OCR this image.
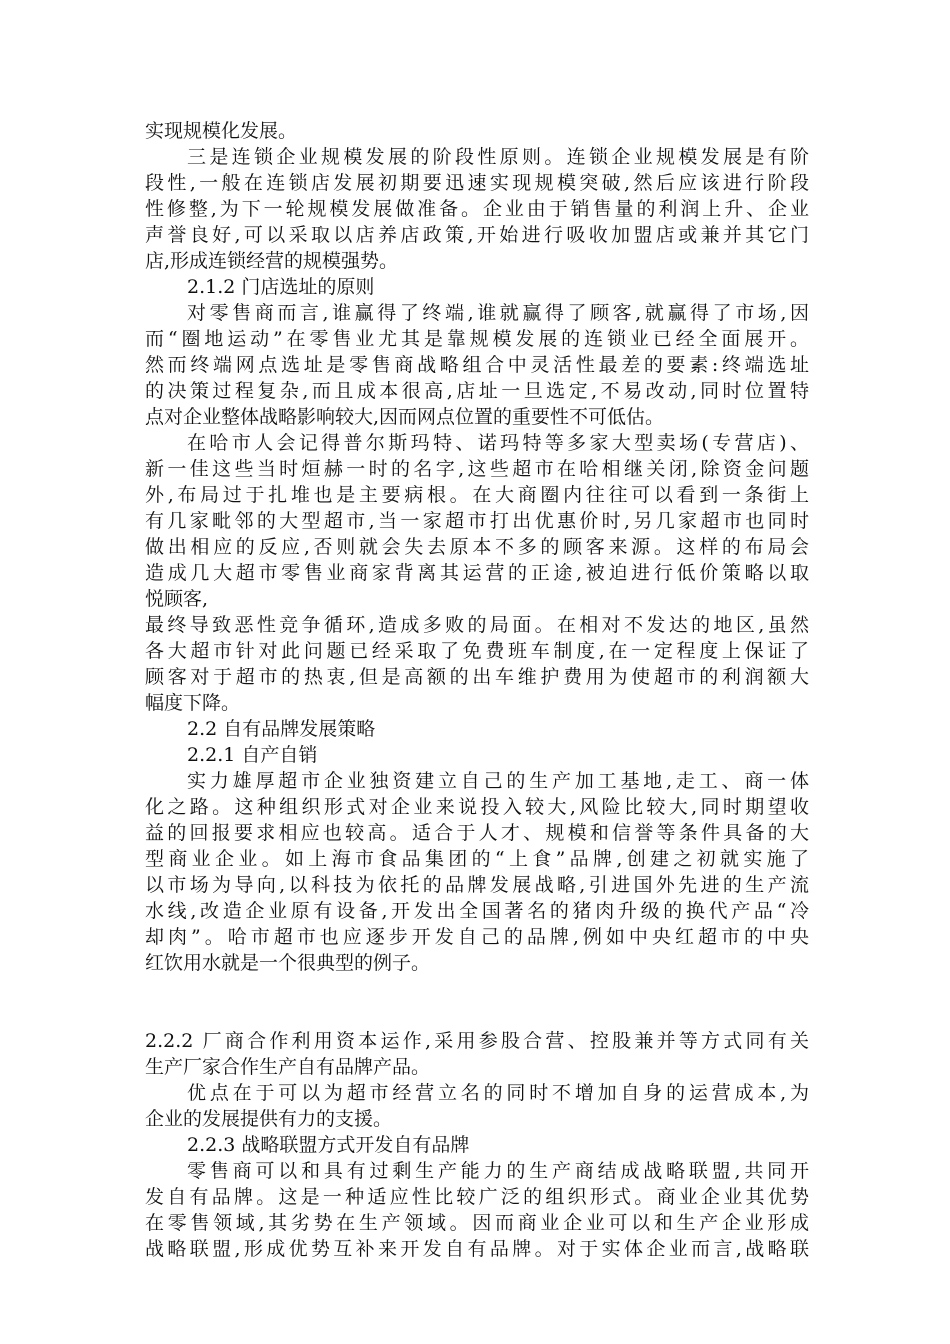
实现规模化发展。
三是连锁企业规模发展的阶段性原则。连锁企业规模发展是有阶
段性,一般在连锁店发展初期要迅速实现规模突破,然后应该进行阶段
性修整,为下一轮规模发展做准备。企业由于销售量的利润上升、企业
声誉良好,可以采取以店养店政策,开始进行吸收加盟店或兼并其它门
店,形成连锁经营的规模强势。
2.1.2 门店选址的原则
对零售商而言,谁赢得了终端,谁就赢得了顾客,就赢得了市场,因
而“圈地运动”在零售业尤其是靠规模发展的连锁业已经全面展开。
然而终端网点选址是零售商战略组合中灵活性最差的要素:终端选址
的决策过程复杂,而且成本很高,店址一旦选定,不易改动,同时位置特
点对企业整体战略影响较大,因而网点位置的重要性不可低估。
在哈市人会记得普尔斯玛特、诺玛特等多家大型卖场(专营店)、
新一佳这些当时烜赫一时的名字,这些超市在哈相继关闭,除资金问题
外,布局过于扎堆也是主要病根。在大商圈内往往可以看到一条街上
有几家毗邻的大型超市,当一家超市打出优惠价时,另几家超市也同时
做出相应的反应,否则就会失去原本不多的顾客来源。这样的布局会
造成几大超市零售业商家背离其运营的正途,被迫进行低价策略以取
悦顾客,
最终导致恶性竞争循环,造成多败的局面。在相对不发达的地区,虽然
各大超市针对此问题已经采取了免费班车制度,在一定程度上保证了
顾客对于超市的热衷,但是高额的出车维护费用为使超市的利润额大
幅度下降。
2.2 自有品牌发展策略
2.2.1 自产自销
实力雄厚超市企业独资建立自己的生产加工基地,走工、商一体
化之路。这种组织形式对企业来说投入较大,风险比较大,同时期望收
益的回报要求相应也较高。适合于人才、规模和信誉等条件具备的大
型商业企业。如上海市食品集团的“上食”品牌,创建之初就实施了
以市场为导向,以科技为依托的品牌发展战略,引进国外先进的生产流
水线,改造企业原有设备,开发出全国著名的猪肉升级的换代产品“冷
却肉”。哈市超市也应逐步开发自己的品牌,例如中央红超市的中央
红饮用水就是一个很典型的例子。
2.2.2 厂商合作利用资本运作,采用参股合营、控股兼并等方式同有关
生产厂家合作生产自有品牌产品。
优点在于可以为超市经营立名的同时不增加自身的运营成本,为
企业的发展提供有力的支援。
2.2.3 战略联盟方式开发自有品牌
零售商可以和具有过剩生产能力的生产商结成战略联盟,共同开
发自有品牌。这是一种适应性比较广泛的组织形式。商业企业其优势
在零售领域,其劣势在生产领域。因而商业企业可以和生产企业形成
战略联盟,形成优势互补来开发自有品牌。对于实体企业而言,战略联
